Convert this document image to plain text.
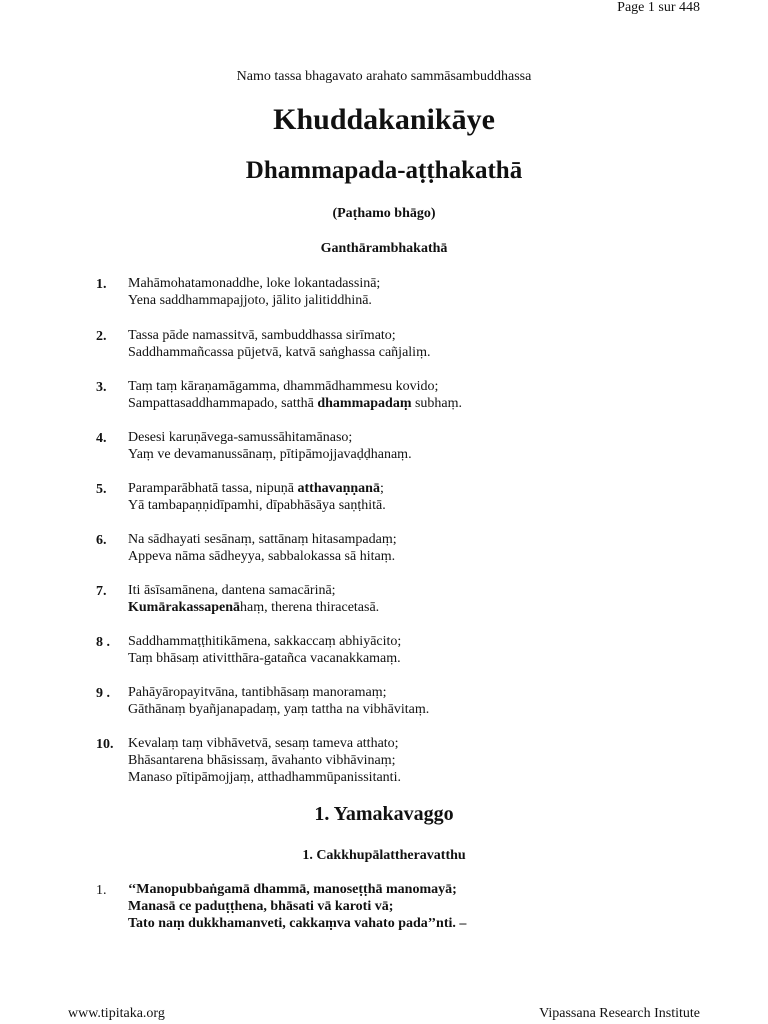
Page 1 sur 448
Namo tassa bhagavato arahato sammāsambuddhassa
Khuddakanikāye
Dhammapada-aṭṭhakathā
(Paṭhamo bhāgo)
Ganthārambhakathā
1.	Mahāmohatamonaddhe, loke lokantadassinā;
Yena saddhammapajjoto, jālito jalitiddhinā.
2.	Tassa pāde namassitvā, sambuddhassa sirīmato;
Saddhammañcassa pūjetvā, katvā saṅghassa cañjaliṃ.
3.	Taṃ taṃ kāraṇamāgamma, dhammādhammesu kovido;
Sampattasaddhammapado, satthā dhammapadaṃ subhaṃ.
4.	Desesi karuṇāvega-samussāhitamānaso;
Yaṃ ve devamanussānaṃ, pītipāmojjavaḍḍhanaṃ.
5.	Paramparābhatā tassa, nipuṇā atthavaṇṇanā;
Yā tambapaṇṇidīpamhi, dīpabhāsāya saṇṭhitā.
6.	Na sādhayati sesānaṃ, sattānaṃ hitasampadaṃ;
Appeva nāma sādheyya, sabbalokassa sā hitaṃ.
7.	Iti āsīsamānena, dantena samacārinā;
Kumārakassapenāhaṃ, therena thiracetasā.
8 .	Saddhammaṭṭhitikāmena, sakkaccaṃ abhiyācito;
Taṃ bhāsaṃ ativitthāra-gatañca vacanakkamaṃ.
9 .	Pahāyāropayitvāna, tantibhāsaṃ manoramaṃ;
Gāthānaṃ byañjanapadaṃ, yaṃ tattha na vibhāvitaṃ.
10.	Kevalaṃ taṃ vibhāvetvā, sesaṃ tameva atthato;
Bhāsantarena bhāsissaṃ, āvahanto vibhāvinaṃ;
Manaso pītipāmojjaṃ, atthadhammūpanissitanti.
1. Yamakavaggo
1. Cakkhupālattheravatthu
1.	‘‘Manopubbaṅgamā dhammā, manoseṭṭhā manomayā;
Manasā ce paduṭṭhena, bhāsati vā karoti vā;
Tato naṃ dukkhamanveti, cakkaṃva vahato pada’’nti. –
www.tipitaka.org	Vipassana Research Institute
